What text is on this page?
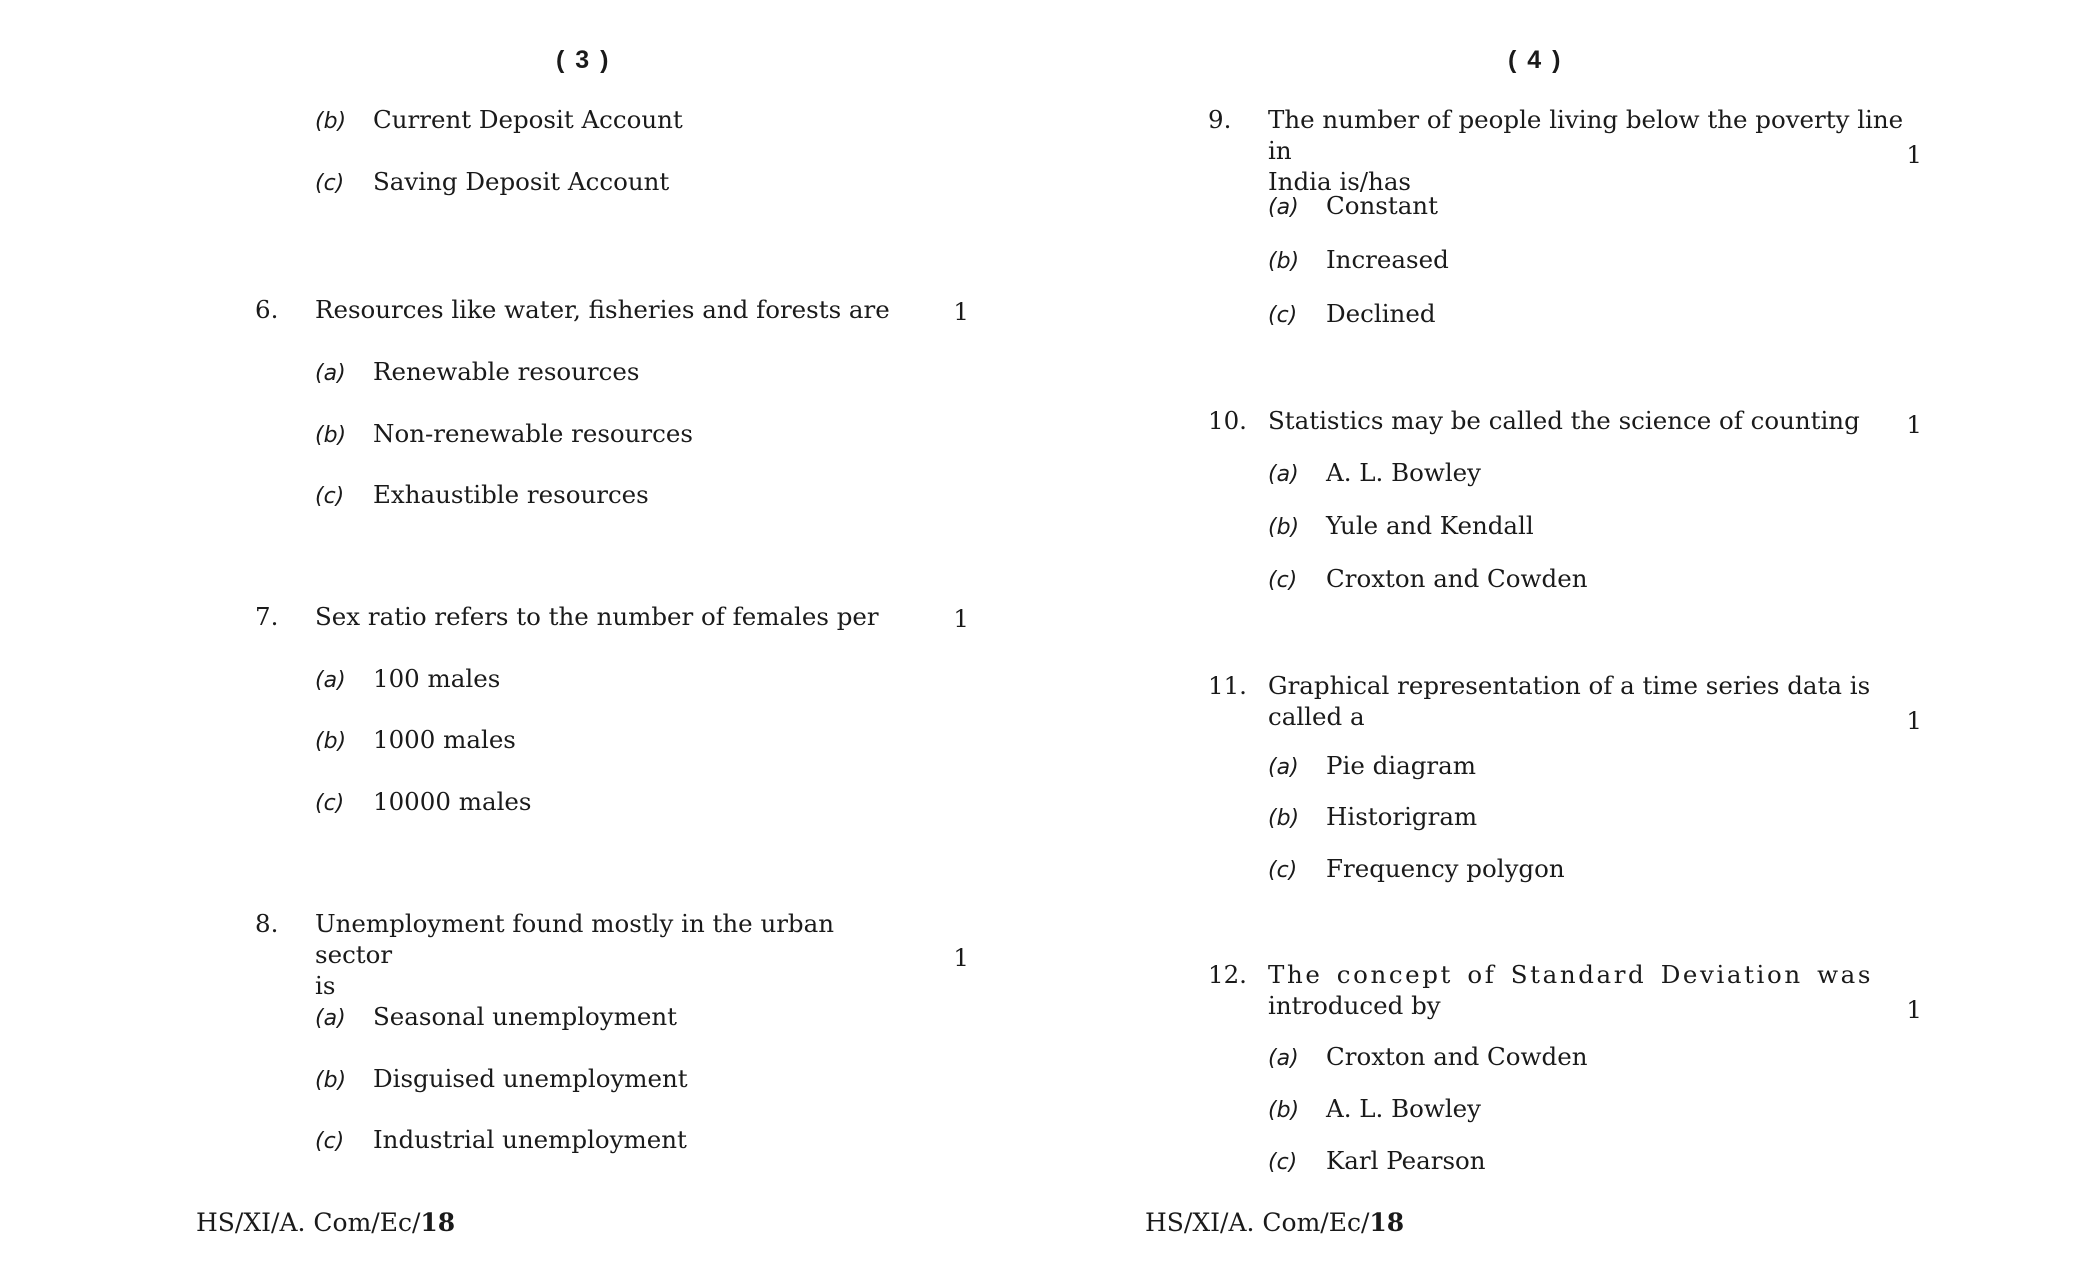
( 3 )
(b) Current Deposit Account
(c) Saving Deposit Account
6. Resources like water, fisheries and forests are	1
(a) Renewable resources
(b) Non-renewable resources
(c) Exhaustible resources
7. Sex ratio refers to the number of females per	1
(a) 100 males
(b) 1000 males
(c) 10000 males
8. Unemployment found mostly in the urban sector
is
1
(a) Seasonal unemployment
(b) Disguised unemployment
(c) Industrial unemployment
HS/XI/A. Com/Ec/18
( 4 )
9. The number of people living below the poverty line in
India is/has
1
(a) Constant
(b) Increased
(c) Declined
10. Statistics may be called the science of counting 1
(a) A. L. Bowley
(b) Yule and Kendall
(c) Croxton and Cowden
11. Graphical representation of a time series data is
called a	1
(a) Pie diagram
(b) Historigram
(c) Frequency polygon
12. The concept of Standard Deviation was
introduced by	1
(a) Croxton and Cowden
(b) A. L. Bowley
(c) Karl Pearson
HS/XI/A. Com/Ec/18
